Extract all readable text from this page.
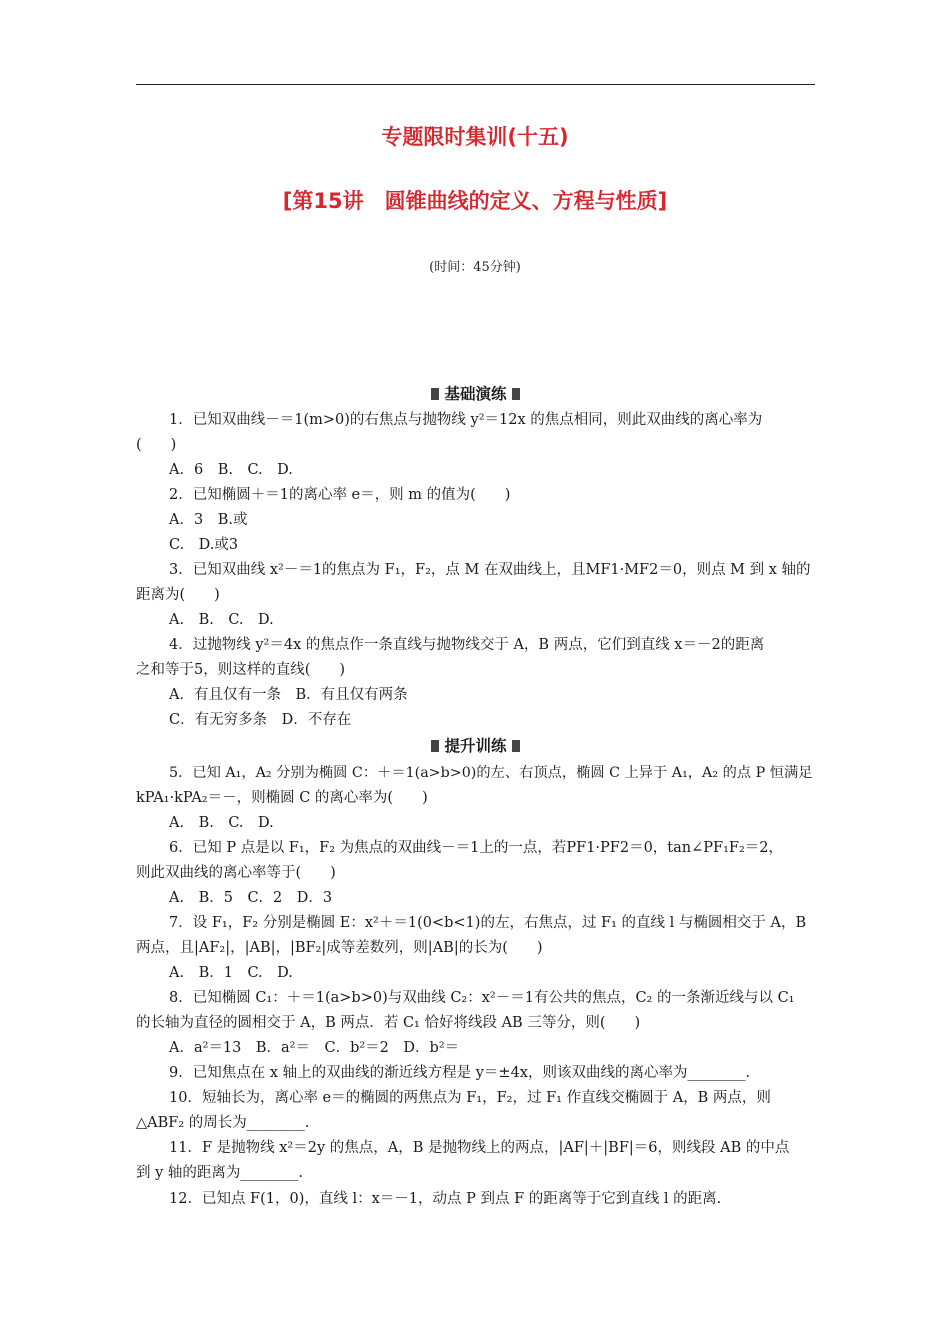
专题限时集训(十五)
[第15讲　圆锥曲线的定义、方程与性质]
(时间：45分钟)
基础演练
1．已知双曲线－＝1(m>0)的右焦点与抛物线 y²＝12x 的焦点相同，则此双曲线的离心率为
(　　)
A．6　B.　C.　D.
2．已知椭圆＋＝1的离心率 e＝，则 m 的值为(　　)
A．3　B.或
C.　D.或3
3．已知双曲线 x²－＝1的焦点为 F₁，F₂，点 M 在双曲线上，且MF1·MF2＝0，则点 M 到 x 轴的
距离为(　　)
A.　B.　C.　D.
4．过抛物线 y²＝4x 的焦点作一条直线与抛物线交于 A，B 两点，它们到直线 x＝－2的距离
之和等于5，则这样的直线(　　)
A．有且仅有一条　B．有且仅有两条
C．有无穷多条　D．不存在
提升训练
5．已知 A₁，A₂ 分别为椭圆 C：＋＝1(a>b>0)的左、右顶点，椭圆 C 上异于 A₁，A₂ 的点 P 恒满足
kPA₁·kPA₂＝－，则椭圆 C 的离心率为(　　)
A.　B.　C.　D.
6．已知 P 点是以 F₁，F₂ 为焦点的双曲线－＝1上的一点，若PF1·PF2＝0，tan∠PF₁F₂＝2，
则此双曲线的离心率等于(　　)
A.　B．5　C．2　D．3
7．设 F₁，F₂ 分别是椭圆 E：x²＋＝1(0<b<1)的左，右焦点，过 F₁ 的直线 l 与椭圆相交于 A，B
两点，且|AF₂|，|AB|，|BF₂|成等差数列，则|AB|的长为(　　)
A.　B．1　C.　D.
8．已知椭圆 C₁：＋＝1(a>b>0)与双曲线 C₂：x²－＝1有公共的焦点，C₂ 的一条渐近线与以 C₁
的长轴为直径的圆相交于 A，B 两点．若 C₁ 恰好将线段 AB 三等分，则(　　)
A．a²＝13　B．a²＝　C．b²＝2　D．b²＝
9．已知焦点在 x 轴上的双曲线的渐近线方程是 y＝±4x，则该双曲线的离心率为________.
10．短轴长为，离心率 e＝的椭圆的两焦点为 F₁，F₂，过 F₁ 作直线交椭圆于 A，B 两点，则
△ABF₂ 的周长为________.
11．F 是抛物线 x²＝2y 的焦点，A，B 是抛物线上的两点，|AF|＋|BF|＝6，则线段 AB 的中点
到 y 轴的距离为________.
12．已知点 F(1，0)，直线 l：x＝－1，动点 P 到点 F 的距离等于它到直线 l 的距离.
